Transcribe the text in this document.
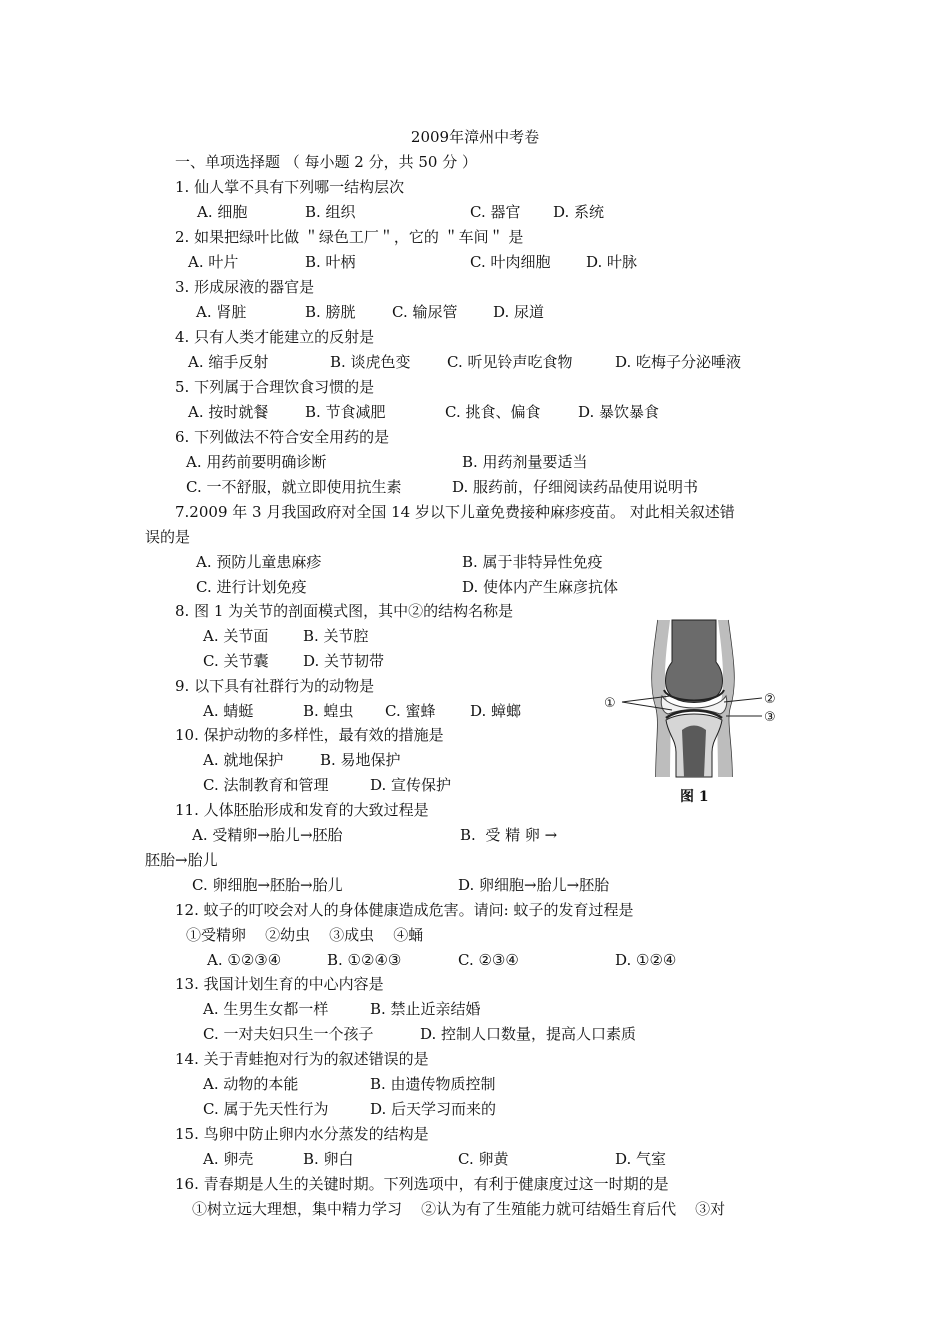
2009年漳州中考卷
一、单项选择题 （ 每小题 2 分，共 50 分 ）
1. 仙人掌不具有下列哪一结构层次
A. 细胞	B. 组织	C. 器官 D. 系统
2. 如果把绿叶比做 ＂绿色工厂＂，它的 ＂车间＂ 是
A. 叶片	B. 叶柄	C. 叶肉细胞 D. 叶脉
3. 形成尿液的器官是
A. 肾脏	B. 膀胱 C. 输尿管 D. 尿道
4. 只有人类才能建立的反射是
A. 缩手反射	B. 谈虎色变 C. 听见铃声吃食物	D. 吃梅子分泌唾液
5. 下列属于合理饮食习惯的是
A. 按时就餐 B. 节食减肥	C. 挑食、偏食	D. 暴饮暴食
6. 下列做法不符合安全用药的是
A. 用药前要明确诊断	B. 用药剂量要适当
C. 一不舒服，就立即使用抗生素	D. 服药前，仔细阅读药品使用说明书
7.2009 年 3 月我国政府对全国 14 岁以下儿童免费接种麻疹疫苗。 对此相关叙述错
误的是
A. 预防儿童患麻疹	B. 属于非特异性免疫
C. 进行计划免疫	D. 使体内产生麻彦抗体
8. 图 1 为关节的剖面模式图，其中②的结构名称是
A. 关节面 B. 关节腔
C. 关节囊 D. 关节韧带
9. 以下具有社群行为的动物是
A. 蜻蜓	B. 蝗虫 C. 蜜蜂 D. 蟑螂
10. 保护动物的多样性，最有效的措施是
A. 就地保护 B. 易地保护
C. 法制教育和管理	D. 宣传保护
11. 人体胚胎形成和发育的大致过程是
A. 受精卵→胎儿→胚胎	B.  受 精 卵 →
胚胎→胎儿
C. 卵细胞→胚胎→胎儿	D. 卵细胞→胎儿→胚胎
12. 蚊子的叮咬会对人的身体健康造成危害。请问: 蚊子的发育过程是
①受精卵    ②幼虫    ③成虫    ④蛹
A. ①②③④	B. ①②④③	C. ②③④	D. ①②④
13. 我国计划生育的中心内容是
A. 生男生女都一样	B. 禁止近亲结婚
C. 一对夫妇只生一个孩子	D. 控制人口数量，提高人口素质
14. 关于青蛙抱对行为的叙述错误的是
A. 动物的本能	B. 由遗传物质控制
C. 属于先天性行为	D. 后天学习而来的
15. 鸟卵中防止卵内水分蒸发的结构是
A. 卵壳	B. 卵白	C. 卵黄	D. 气室
16. 青春期是人生的关键时期。下列选项中，有利于健康度过这一时期的是
①树立远大理想，集中精力学习    ②认为有了生殖能力就可结婚生育后代    ③对
①	②
③
图 1
